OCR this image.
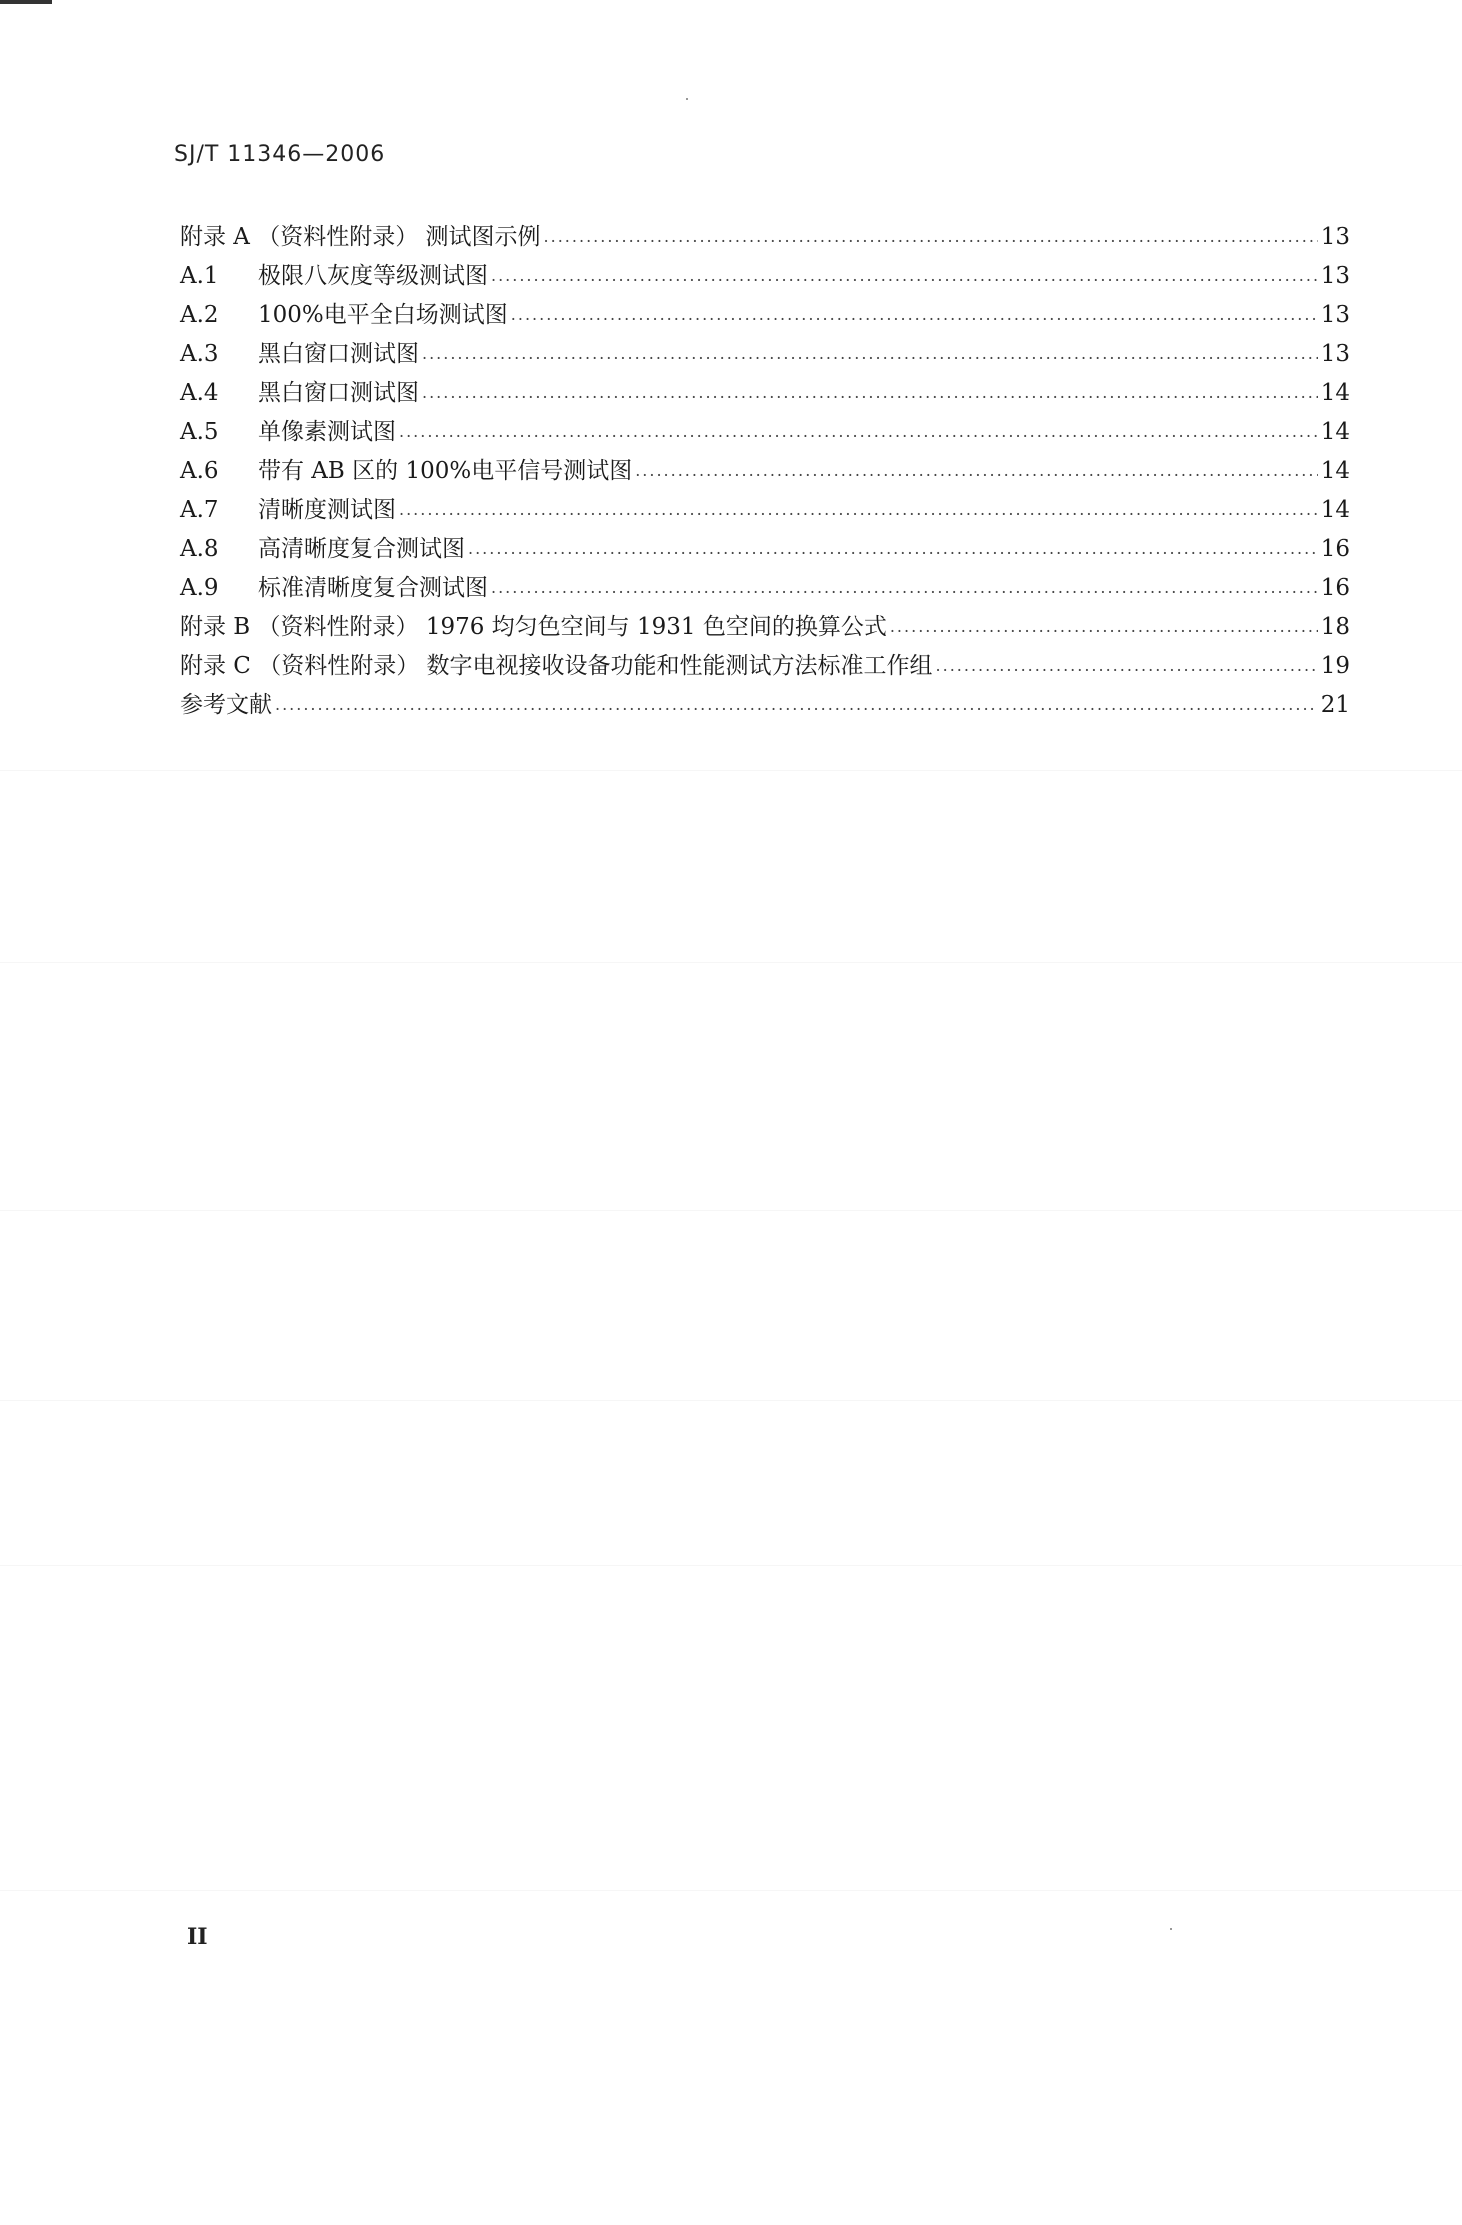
SJ/T 11346—2006
附录 A （资料性附录） 测试图示例 .....	13
A.1 极限八灰度等级测试图 .....	13
A.2 100%电平全白场测试图 .....	13
A.3 黑白窗口测试图 .....	13
A.4 黑白窗口测试图 .....	14
A.5 单像素测试图 .....	14
A.6 带有 AB 区的 100%电平信号测试图 .....	14
A.7 清晰度测试图 .....	14
A.8 高清晰度复合测试图 .....	16
A.9 标准清晰度复合测试图 .....	16
附录 B （资料性附录） 1976 均匀色空间与 1931 色空间的换算公式 .....	18
附录 C （资料性附录） 数字电视接收设备功能和性能测试方法标准工作组 .....	19
参考文献 .....	21
II
